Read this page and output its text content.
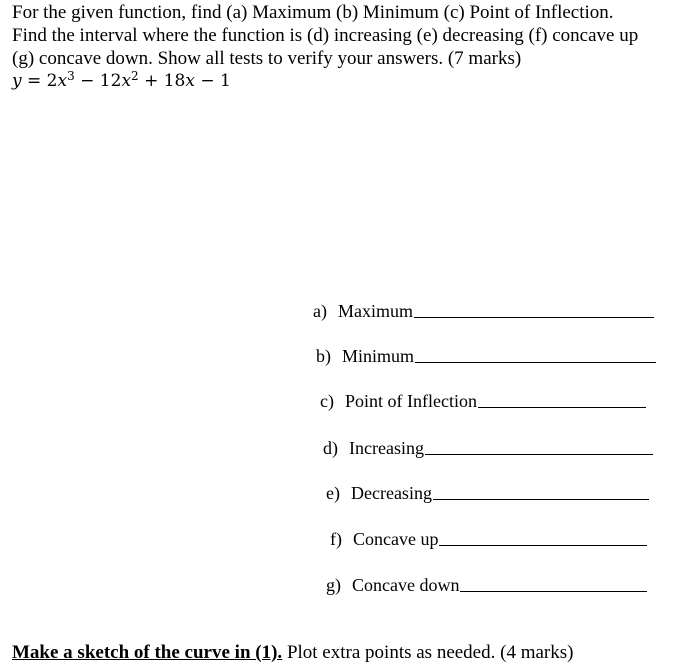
For the given function, find (a) Maximum (b) Minimum (c) Point of Inflection.
Find the interval where the function is (d) increasing (e) decreasing (f) concave up
(g) concave down. Show all tests to verify your answers. (7 marks)
$y = 2x^3 - 12x^2 + 18x - 1$
a) Maximum
b) Minimum
c) Point of Inflection
d) Increasing
e) Decreasing
f) Concave up
g) Concave down
Make a sketch of the curve in (1). Plot extra points as needed. (4 marks)
